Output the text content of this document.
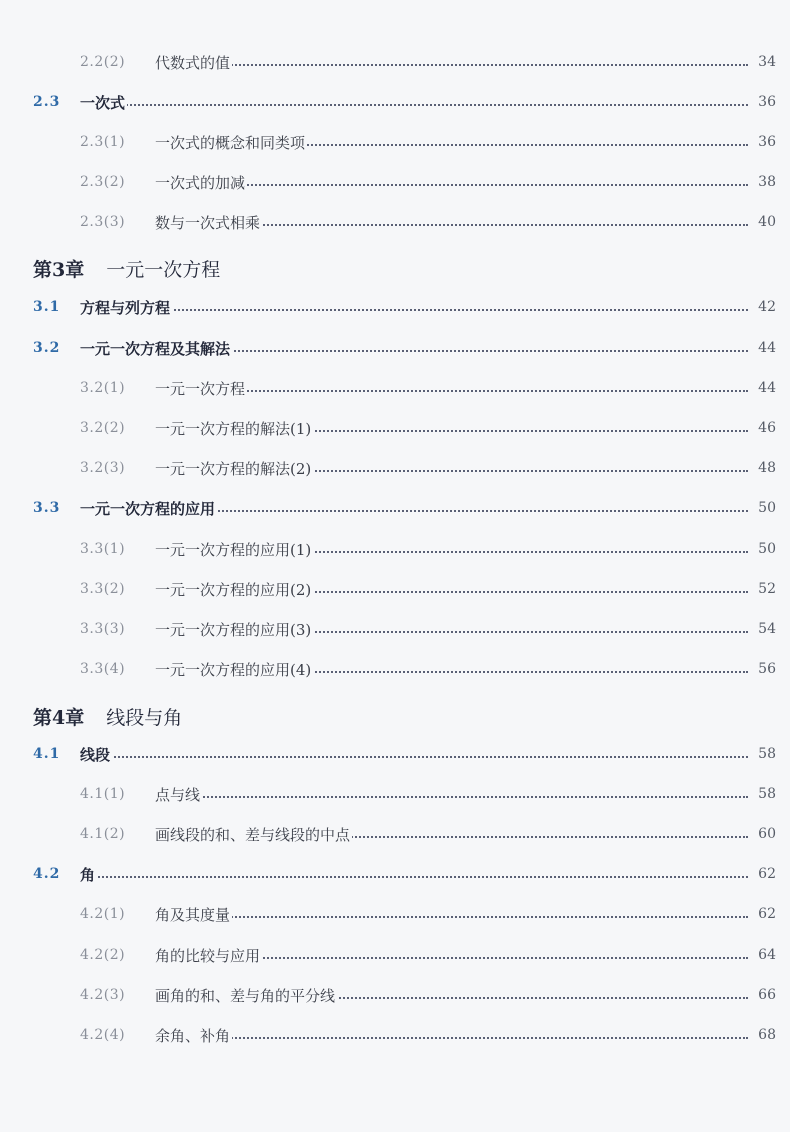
2.2(2) 代数式的值	34
2.3 一次式	36
2.3(1) 一次式的概念和同类项	36
2.3(2) 一次式的加减	38
2.3(3) 数与一次式相乘	40
第3章 一元一次方程
3.1 方程与列方程	42
3.2 一元一次方程及其解法	44
3.2(1) 一元一次方程	44
3.2(2) 一元一次方程的解法(1)	46
3.2(3) 一元一次方程的解法(2)	48
3.3 一元一次方程的应用	50
3.3(1) 一元一次方程的应用(1)	50
3.3(2) 一元一次方程的应用(2)	52
3.3(3) 一元一次方程的应用(3)	54
3.3(4) 一元一次方程的应用(4)	56
第4章 线段与角
4.1 线段	58
4.1(1) 点与线	58
4.1(2) 画线段的和、差与线段的中点	60
4.2 角	62
4.2(1) 角及其度量	62
4.2(2) 角的比较与应用	64
4.2(3) 画角的和、差与角的平分线	66
4.2(4) 余角、补角	68
